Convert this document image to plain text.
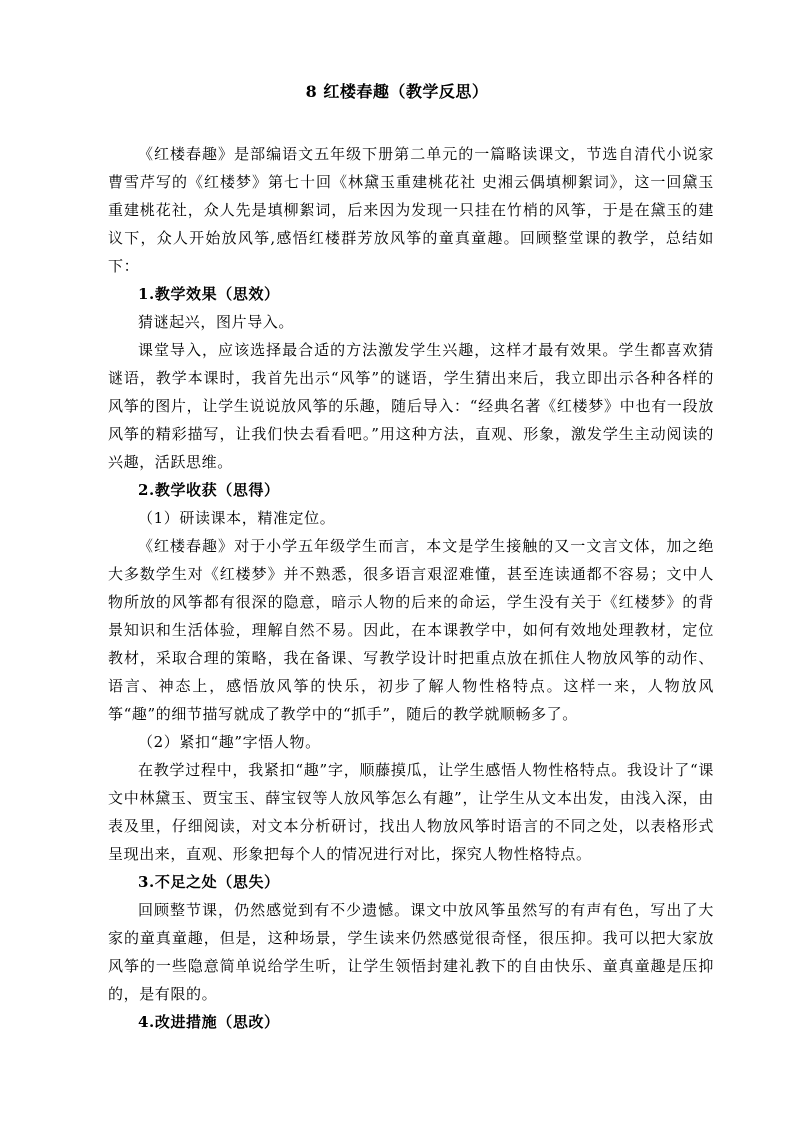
8 红楼春趣（教学反思）

《红楼春趣》是部编语文五年级下册第二单元的一篇略读课文，节选自清代小说家曹雪芹写的《红楼梦》第七十回《林黛玉重建桃花社 史湘云偶填柳絮词》，这一回黛玉重建桃花社，众人先是填柳絮词，后来因为发现一只挂在竹梢的风筝，于是在黛玉的建议下，众人开始放风筝,感悟红楼群芳放风筝的童真童趣。回顾整堂课的教学，总结如下：

1.教学效果（思效）

猜谜起兴，图片导入。

课堂导入，应该选择最合适的方法激发学生兴趣，这样才最有效果。学生都喜欢猜谜语，教学本课时，我首先出示“风筝”的谜语，学生猜出来后，我立即出示各种各样的风筝的图片，让学生说说放风筝的乐趣，随后导入：“经典名著《红楼梦》中也有一段放风筝的精彩描写，让我们快去看看吧。”用这种方法，直观、形象，激发学生主动阅读的兴趣，活跃思维。

2.教学收获（思得）

（1）研读课本，精准定位。

《红楼春趣》对于小学五年级学生而言，本文是学生接触的又一文言文体，加之绝大多数学生对《红楼梦》并不熟悉，很多语言艰涩难懂，甚至连读通都不容易；文中人物所放的风筝都有很深的隐意，暗示人物的后来的命运，学生没有关于《红楼梦》的背景知识和生活体验，理解自然不易。因此，在本课教学中，如何有效地处理教材，定位教材，采取合理的策略，我在备课、写教学设计时把重点放在抓住人物放风筝的动作、语言、神态上，感悟放风筝的快乐，初步了解人物性格特点。这样一来，人物放风筝“趣”的细节描写就成了教学中的“抓手”，随后的教学就顺畅多了。

（2）紧扣“趣”字悟人物。

在教学过程中，我紧扣“趣”字，顺藤摸瓜，让学生感悟人物性格特点。我设计了“课文中林黛玉、贾宝玉、薛宝钗等人放风筝怎么有趣”，让学生从文本出发，由浅入深，由表及里，仔细阅读，对文本分析研讨，找出人物放风筝时语言的不同之处，以表格形式呈现出来，直观、形象把每个人的情况进行对比，探究人物性格特点。

3.不足之处（思失）

回顾整节课，仍然感觉到有不少遗憾。课文中放风筝虽然写的有声有色，写出了大家的童真童趣，但是，这种场景，学生读来仍然感觉很奇怪，很压抑。我可以把大家放风筝的一些隐意简单说给学生听，让学生领悟封建礼教下的自由快乐、童真童趣是压抑的，是有限的。

4.改进措施（思改）
